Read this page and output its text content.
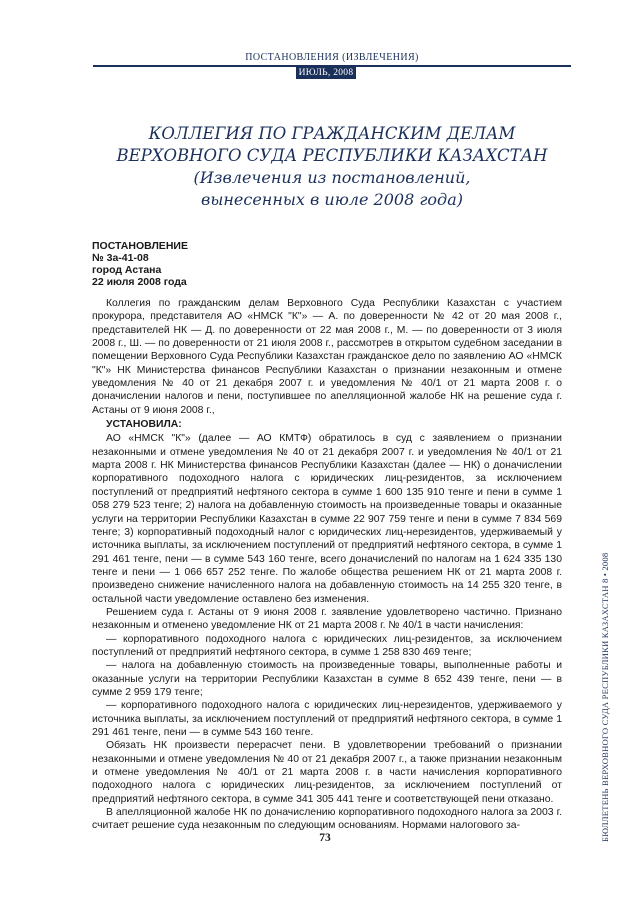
ПОСТАНОВЛЕНИЯ (ИЗВЛЕЧЕНИЯ)
ИЮЛЬ, 2008
КОЛЛЕГИЯ ПО ГРАЖДАНСКИМ ДЕЛАМ
ВЕРХОВНОГО СУДА РЕСПУБЛИКИ КАЗАХСТАН
(Извлечения из постановлений,
вынесенных в июле 2008 года)
ПОСТАНОВЛЕНИЕ
№ 3а-41-08
город Астана
22 июля 2008 года

Коллегия по гражданским делам Верховного Суда Республики Казахстан с участием прокурора, представителя АО «НМСК "К"» — А. по доверенности № 42 от 20 мая 2008 г., представителей НК — Д. по доверенности от 22 мая 2008 г., М. — по доверенности от 3 июля 2008 г., Ш. — по доверенности от 21 июля 2008 г., рассмотрев в открытом судебном заседании в помещении Верховного Суда Республики Казахстан гражданское дело по заявлению АО «НМСК "К"» НК Министерства финансов Республики Казахстан о признании незаконным и отмене уведомления № 40 от 21 декабря 2007 г. и уведомления № 40/1 от 21 марта 2008 г. о доначислении налогов и пени, поступившее по апелляционной жалобе НК на решение суда г. Астаны от 9 июня 2008 г.,

УСТАНОВИЛА:

АО «НМСК "К"» (далее — АО КМТФ) обратилось в суд с заявлением о признании незаконными и отмене уведомления № 40 от 21 декабря 2007 г. и уведомления № 40/1 от 21 марта 2008 г. НК Министерства финансов Республики Казахстан (далее — НК) о доначислении корпоративного подоходного налога с юридических лиц-резидентов, за исключением поступлений от предприятий нефтяного сектора в сумме 1 600 135 910 тенге и пени в сумме 1 058 279 523 тенге; 2) налога на добавленную стоимость на произведенные товары и оказанные услуги на территории Республики Казахстан в сумме 22 907 759 тенге и пени в сумме 7 834 569 тенге; 3) корпоративный подоходный налог с юридических лиц-нерезидентов, удерживаемый у источника выплаты, за исключением поступлений от предприятий нефтяного сектора, в сумме 1 291 461 тенге, пени — в сумме 543 160 тенге, всего доначислений по налогам на 1 624 335 130 тенге и пени — 1 066 657 252 тенге. По жалобе общества решением НК от 21 марта 2008 г. произведено снижение начисленного налога на добавленную стоимость на 14 255 320 тенге, в остальной части уведомление оставлено без изменения.

Решением суда г. Астаны от 9 июня 2008 г. заявление удовлетворено частично. Признано незаконным и отменено уведомление НК от 21 марта 2008 г. № 40/1 в части начисления:

— корпоративного подоходного налога с юридических лиц-резидентов, за исключением поступлений от предприятий нефтяного сектора, в сумме 1 258 830 469 тенге;

— налога на добавленную стоимость на произведенные товары, выполненные работы и оказанные услуги на территории Республики Казахстан в сумме 8 652 439 тенге, пени — в сумме 2 959 179 тенге;

— корпоративного подоходного налога с юридических лиц-нерезидентов, удерживаемого у источника выплаты, за исключением поступлений от предприятий нефтяного сектора, в сумме 1 291 461 тенге, пени — в сумме 543 160 тенге.

Обязать НК произвести перерасчет пени. В удовлетворении требований о признании незаконными и отмене уведомления № 40 от 21 декабря 2007 г., а также признании незаконным и отмене уведомления № 40/1 от 21 марта 2008 г. в части начисления корпоративного подоходного налога с юридических лиц-резидентов, за исключением поступлений от предприятий нефтяного сектора, в сумме 341 305 441 тенге и соответствующей пени отказано.

В апелляционной жалобе НК по доначислению корпоративного подоходного налога за 2003 г. считает решение суда незаконным по следующим основаниям. Нормами налогового за-	БЮЛЛЕТЕНЬ ВЕРХОВНОГО СУДА РЕСПУБЛИКИ КАЗАХСТАН 8 • 2008
73
